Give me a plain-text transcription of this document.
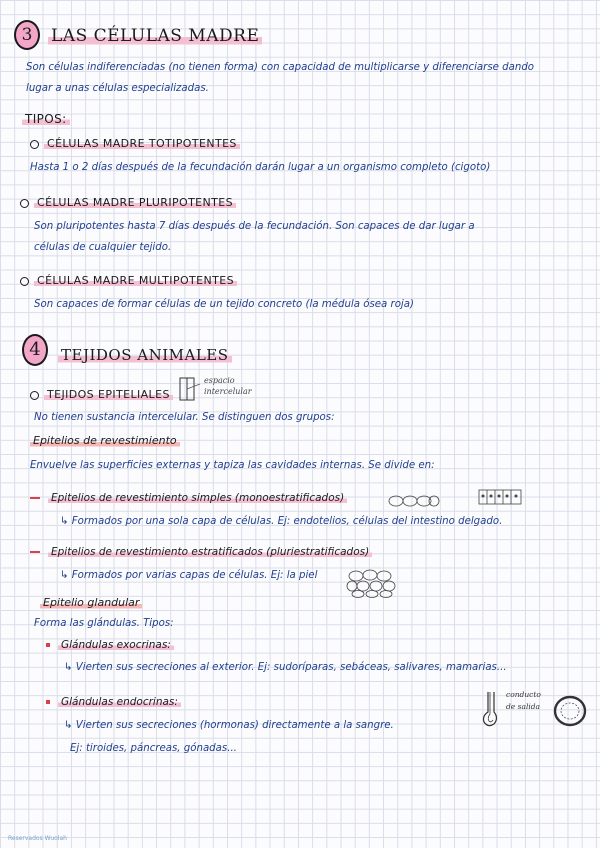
3	LAS CÉLULAS MADRE
Son células indiferenciadas (no tienen forma) con capacidad de multiplicarse y diferenciarse dando
lugar a unas células especializadas.
TIPOS:
CÉLULAS MADRE TOTIPOTENTES
Hasta 1 o 2 días después de la fecundación darán lugar a un organismo completo (cigoto)
CÉLULAS MADRE PLURIPOTENTES
Son pluripotentes hasta 7 días después de la fecundación. Son capaces de dar lugar a
células de cualquier tejido.
CÉLULAS MADRE MULTIPOTENTES
Son capaces de formar células de un tejido concreto (la médula ósea roja)
4	TEJIDOS ANIMALES
TEJIDOS EPITELIALES
espacio
intercelular
No tienen sustancia intercelular. Se distinguen dos grupos:
Epitelios de revestimiento
Envuelve las superficies externas y tapiza las cavidades internas. Se divide en:
Epitelios de revestimiento simples (monoestratificados)
↳ Formados por una sola capa de células. Ej: endotelios, células del intestino delgado.
Epitelios de revestimiento estratificados (pluriestratificados)
↳ Formados por varias capas de células. Ej: la piel
Epitelio glandular
Forma las glándulas. Tipos:
Glándulas exocrinas:
↳ Vierten sus secreciones al exterior. Ej: sudoríparas, sebáceas, salivares, mamarias...
Glándulas endocrinas:
conducto
de salida
↳ Vierten sus secreciones (hormonas) directamente a la sangre.
Ej: tiroides, páncreas, gónadas...
Reservados Wuolah
